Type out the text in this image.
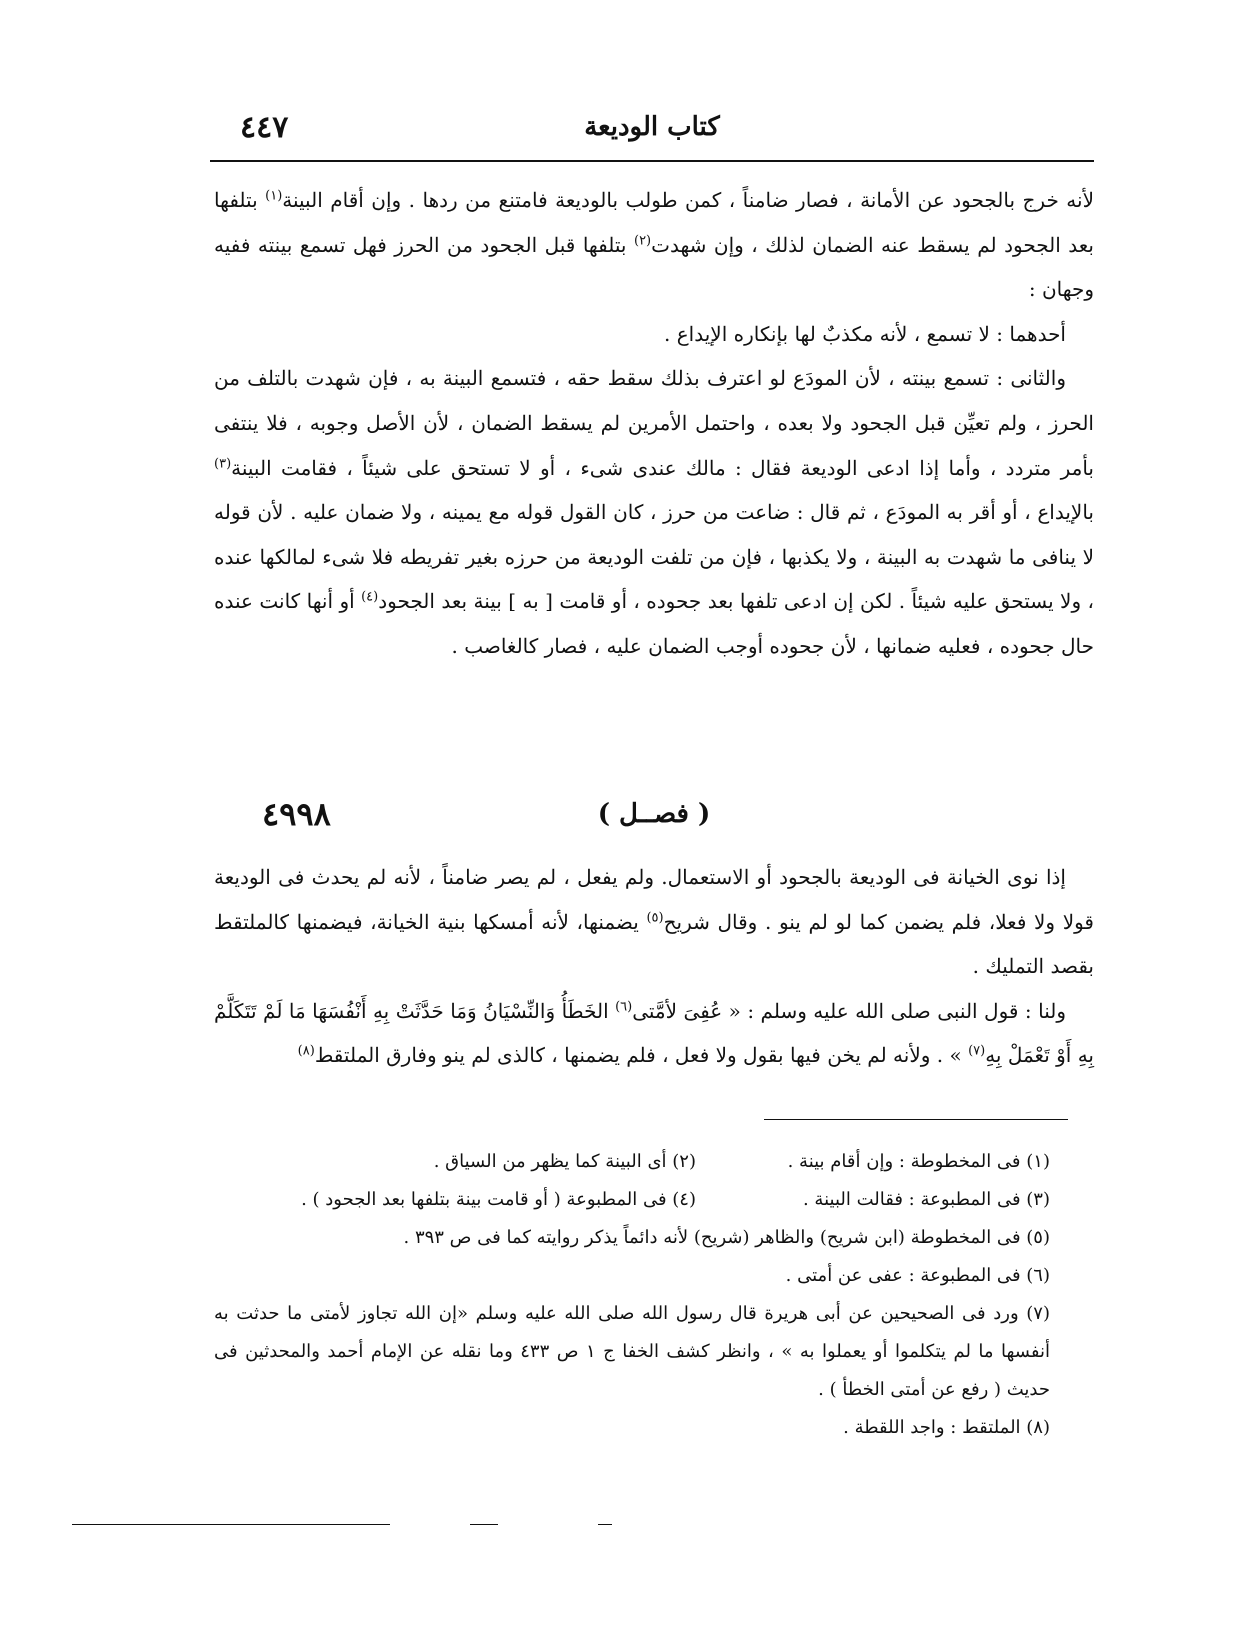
كتاب الوديعة
٤٤٧

لأنه خرج بالجحود عن الأمانة ، فصار ضامناً ، كمن طولب بالوديعة فامتنع من ردها . وإن أقام البينة$^{(١)}$ بتلفها بعد الجحود لم يسقط عنه الضمان لذلك ، وإن شهدت$^{(٢)}$ بتلفها قبل الجحود من الحرز فهل تسمع بينته ففيه وجهان :

أحدهما : لا تسمع ، لأنه مكذبٌ لها بإنكاره الإيداع .

والثانى : تسمع بينته ، لأن المودَع لو اعترف بذلك سقط حقه ، فتسمع البينة به ، فإن شهدت بالتلف من الحرز ، ولم تعيِّن قبل الجحود ولا بعده ، واحتمل الأمرين لم يسقط الضمان ، لأن الأصل وجوبه ، فلا ينتفى بأمر متردد ، وأما إذا ادعى الوديعة فقال : مالك عندى شىء ، أو لا تستحق على شيئاً ، فقامت البينة$^{(٣)}$ بالإيداع ، أو أقر به المودَع ، ثم قال : ضاعت من حرز ، كان القول قوله مع يمينه ، ولا ضمان عليه . لأن قوله لا ينافى ما شهدت به البينة ، ولا يكذبها ، فإن من تلفت الوديعة من حرزه بغير تفريطه فلا شىء لمالكها عنده ، ولا يستحق عليه شيئاً . لكن إن ادعى تلفها بعد جحوده ، أو قامت [ به ] بينة بعد الجحود$^{(٤)}$ أو أنها كانت عنده حال جحوده ، فعليه ضمانها ، لأن جحوده أوجب الضمان عليه ، فصار كالغاصب .

( فصــل )
٤٩٩٨

إذا نوى الخيانة فى الوديعة بالجحود أو الاستعمال. ولم يفعل ، لم يصر ضامناً ، لأنه لم يحدث فى الوديعة قولا ولا فعلا، فلم يضمن كما لو لم ينو . وقال شريح$^{(٥)}$ يضمنها، لأنه أمسكها بنية الخيانة، فيضمنها كالملتقط بقصد التمليك .

ولنا : قول النبى صلى الله عليه وسلم : « عُفِىَ لأمَّتى$^{(٦)}$ الخَطَأُ وَالنِّسْيَانُ وَمَا حَدَّثَتْ بِهِ أَنْفُسَهَا مَا لَمْ تَتَكَلَّمْ بِهِ أَوْ تَعْمَلْ بِهِ$^{(٧)}$ » . ولأنه لم يخن فيها بقول ولا فعل ، فلم يضمنها ، كالذى لم ينو وفارق الملتقط$^{(٨)}$

(١) فى المخطوطة : وإن أقام بينة .
(٢) أى البينة كما يظهر من السياق .
(٣) فى المطبوعة : فقالت البينة .
(٤) فى المطبوعة ( أو قامت بينة بتلفها بعد الجحود ) .
(٥) فى المخطوطة (ابن شريح) والظاهر (شريح) لأنه دائماً يذكر روايته كما فى ص ٣٩٣ .
(٦) فى المطبوعة : عفى عن أمتى .
(٧) ورد فى الصحيحين عن أبى هريرة قال رسول الله صلى الله عليه وسلم «إن الله تجاوز لأمتى ما حدثت به أنفسها ما لم يتكلموا أو يعملوا به » ، وانظر كشف الخفا ج ١ ص ٤٣٣ وما نقله عن الإمام أحمد والمحدثين فى حديث ( رفع عن أمتى الخطأ ) .
(٨) الملتقط : واجد اللقطة .
